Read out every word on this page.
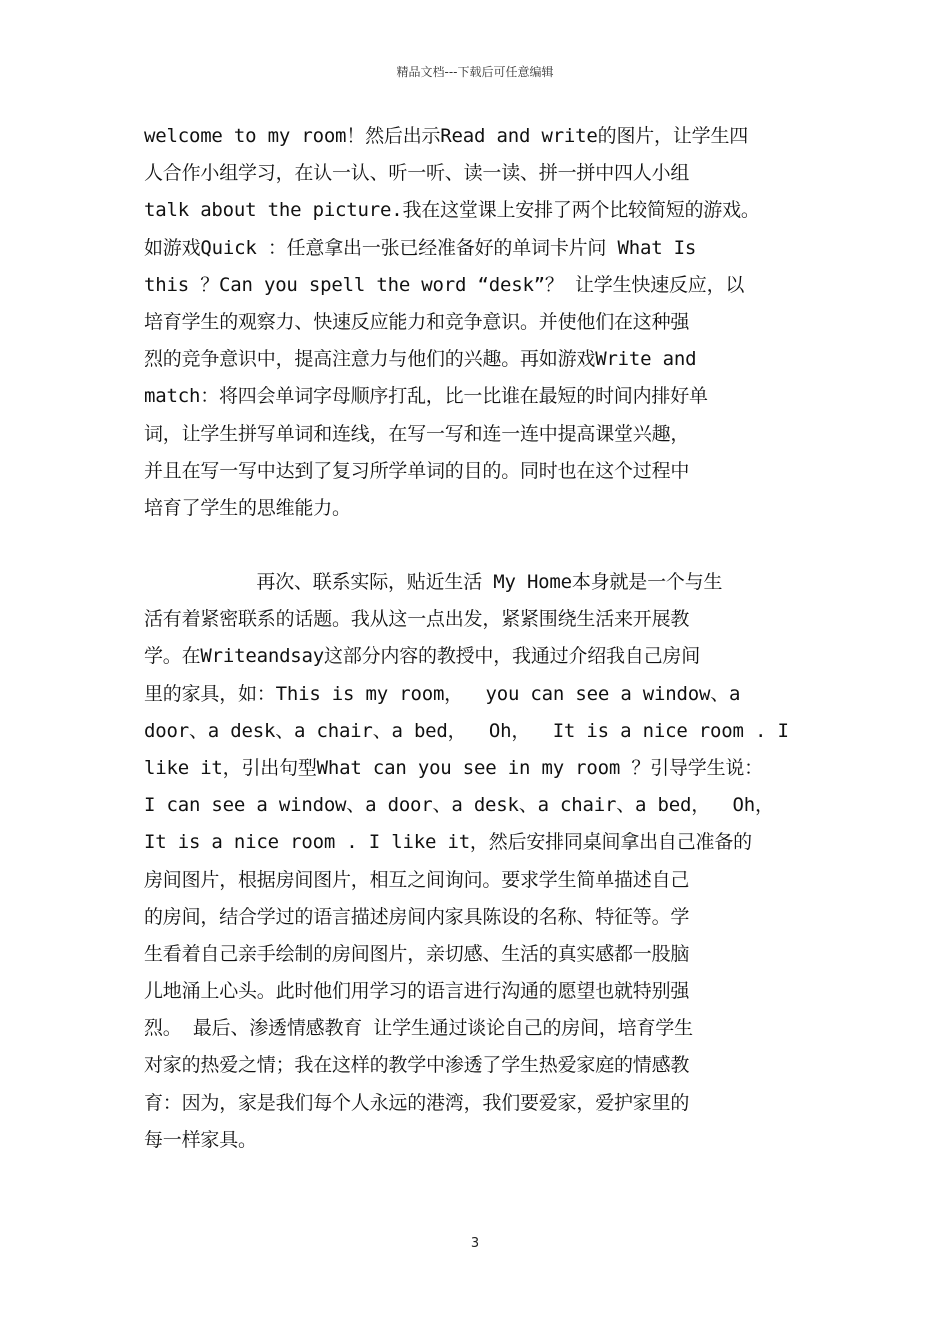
精品文档---下载后可任意编辑
welcome to my room！然后出示Read and write的图片，让学生四
人合作小组学习，在认一认、听一听、读一读、拼一拼中四人小组
talk about the picture.我在这堂课上安排了两个比较简短的游戏。
如游戏Quick ：任意拿出一张已经准备好的单词卡片问 What Is
this ？Can you spell the word “desk”？ 让学生快速反应，以
培育学生的观察力、快速反应能力和竞争意识。并使他们在这种强
烈的竞争意识中，提高注意力与他们的兴趣。再如游戏Write and
match：将四会单词字母顺序打乱，比一比谁在最短的时间内排好单
词，让学生拼写单词和连线，在写一写和连一连中提高课堂兴趣，
并且在写一写中达到了复习所学单词的目的。同时也在这个过程中
培育了学生的思维能力。
再次、联系实际，贴近生活 My Home本身就是一个与生
活有着紧密联系的话题。我从这一点出发，紧紧围绕生活来开展教
学。在Writeandsay这部分内容的教授中，我通过介绍我自己房间
里的家具，如：This is my room，  you can see a window、a
door、a desk、a chair、a bed，  Oh，  It is a nice room . I
like it，引出句型What can you see in my room ？引导学生说：
I can see a window、a door、a desk、a chair、a bed，  Oh，
It is a nice room . I like it，然后安排同桌间拿出自己准备的
房间图片，根据房间图片，相互之间询问。要求学生简单描述自己
的房间，结合学过的语言描述房间内家具陈设的名称、特征等。学
生看着自己亲手绘制的房间图片，亲切感、生活的真实感都一股脑
儿地涌上心头。此时他们用学习的语言进行沟通的愿望也就特别强
烈。 最后、渗透情感教育 让学生通过谈论自己的房间，培育学生
对家的热爱之情；我在这样的教学中渗透了学生热爱家庭的情感教
育：因为，家是我们每个人永远的港湾，我们要爱家，爱护家里的
每一样家具。
3
